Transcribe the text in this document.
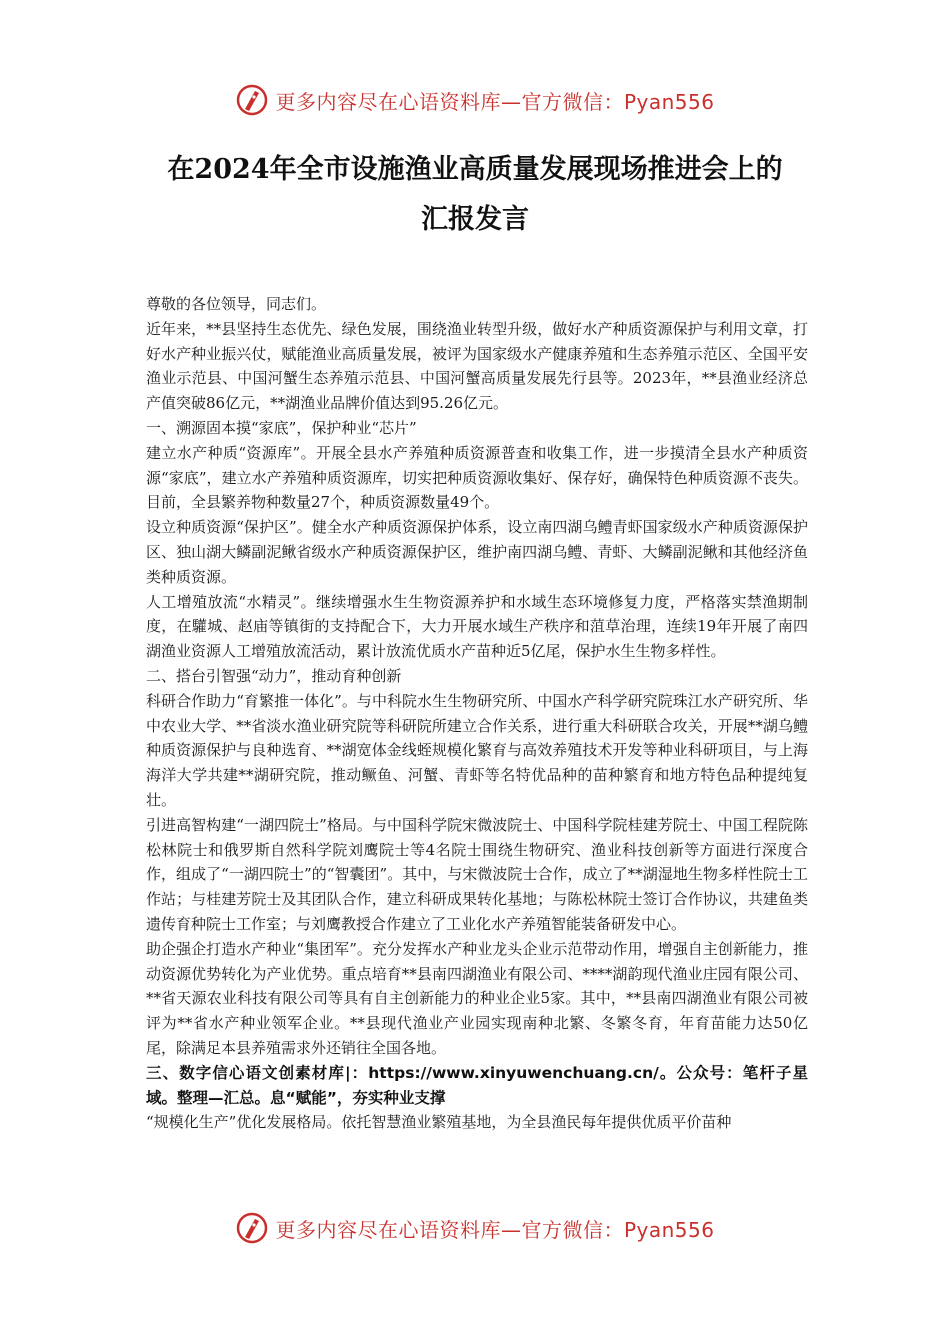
更多内容尽在心语资料库—官方微信：Pyan556
在2024年全市设施渔业高质量发展现场推进会上的
汇报发言

尊敬的各位领导，同志们。

近年来，**县坚持生态优先、绿色发展，围绕渔业转型升级，做好水产种质资源保护与利用文章，打好水产种业振兴仗，赋能渔业高质量发展，被评为国家级水产健康养殖和生态养殖示范区、全国平安渔业示范县、中国河蟹生态养殖示范县、中国河蟹高质量发展先行县等。2023年，**县渔业经济总产值突破86亿元，**湖渔业品牌价值达到95.26亿元。

一、溯源固本摸“家底”，保护种业“芯片”

建立水产种质“资源库”。开展全县水产养殖种质资源普查和收集工作，进一步摸清全县水产种质资源“家底”，建立水产养殖种质资源库，切实把种质资源收集好、保存好，确保特色种质资源不丧失。目前，全县繁养物种数量27个，种质资源数量49个。

设立种质资源“保护区”。健全水产种质资源保护体系，设立南四湖乌鳢青虾国家级水产种质资源保护区、独山湖大鳞副泥鳅省级水产种质资源保护区，维护南四湖乌鳢、青虾、大鳞副泥鳅和其他经济鱼类种质资源。

人工增殖放流“水精灵”。继续增强水生生物资源养护和水域生态环境修复力度，严格落实禁渔期制度，在驩城、赵庙等镇街的支持配合下，大力开展水域生产秩序和菹草治理，连续19年开展了南四湖渔业资源人工增殖放流活动，累计放流优质水产苗种近5亿尾，保护水生生物多样性。

二、搭台引智强“动力”，推动育种创新

科研合作助力“育繁推一体化”。与中科院水生生物研究所、中国水产科学研究院珠江水产研究所、华中农业大学、**省淡水渔业研究院等科研院所建立合作关系，进行重大科研联合攻关，开展**湖乌鳢种质资源保护与良种选育、**湖宽体金线蛭规模化繁育与高效养殖技术开发等种业科研项目，与上海海洋大学共建**湖研究院，推动鳜鱼、河蟹、青虾等名特优品种的苗种繁育和地方特色品种提纯复壮。

引进高智构建“一湖四院士”格局。与中国科学院宋微波院士、中国科学院桂建芳院士、中国工程院陈松林院士和俄罗斯自然科学院刘鹰院士等4名院士围绕生物研究、渔业科技创新等方面进行深度合作，组成了“一湖四院士”的“智囊团”。其中，与宋微波院士合作，成立了**湖湿地生物多样性院士工作站；与桂建芳院士及其团队合作，建立科研成果转化基地；与陈松林院士签订合作协议，共建鱼类遗传育种院士工作室；与刘鹰教授合作建立了工业化水产养殖智能装备研发中心。

助企强企打造水产种业“集团军”。充分发挥水产种业龙头企业示范带动作用，增强自主创新能力，推动资源优势转化为产业优势。重点培育**县南四湖渔业有限公司、****湖韵现代渔业庄园有限公司、**省天源农业科技有限公司等具有自主创新能力的种业企业5家。其中，**县南四湖渔业有限公司被评为**省水产种业领军企业。**县现代渔业产业园实现南种北繁、冬繁冬育，年育苗能力达50亿尾，除满足本县养殖需求外还销往全国各地。

三、数字信心语文创素材库|：https://www.xinyuwenchuang.cn/。公众号：笔杆子星域。整理—汇总。息“赋能”，夯实种业支撑

“规模化生产”优化发展格局。依托智慧渔业繁殖基地，为全县渔民每年提供优质平价苗种

更多内容尽在心语资料库—官方微信：Pyan556
